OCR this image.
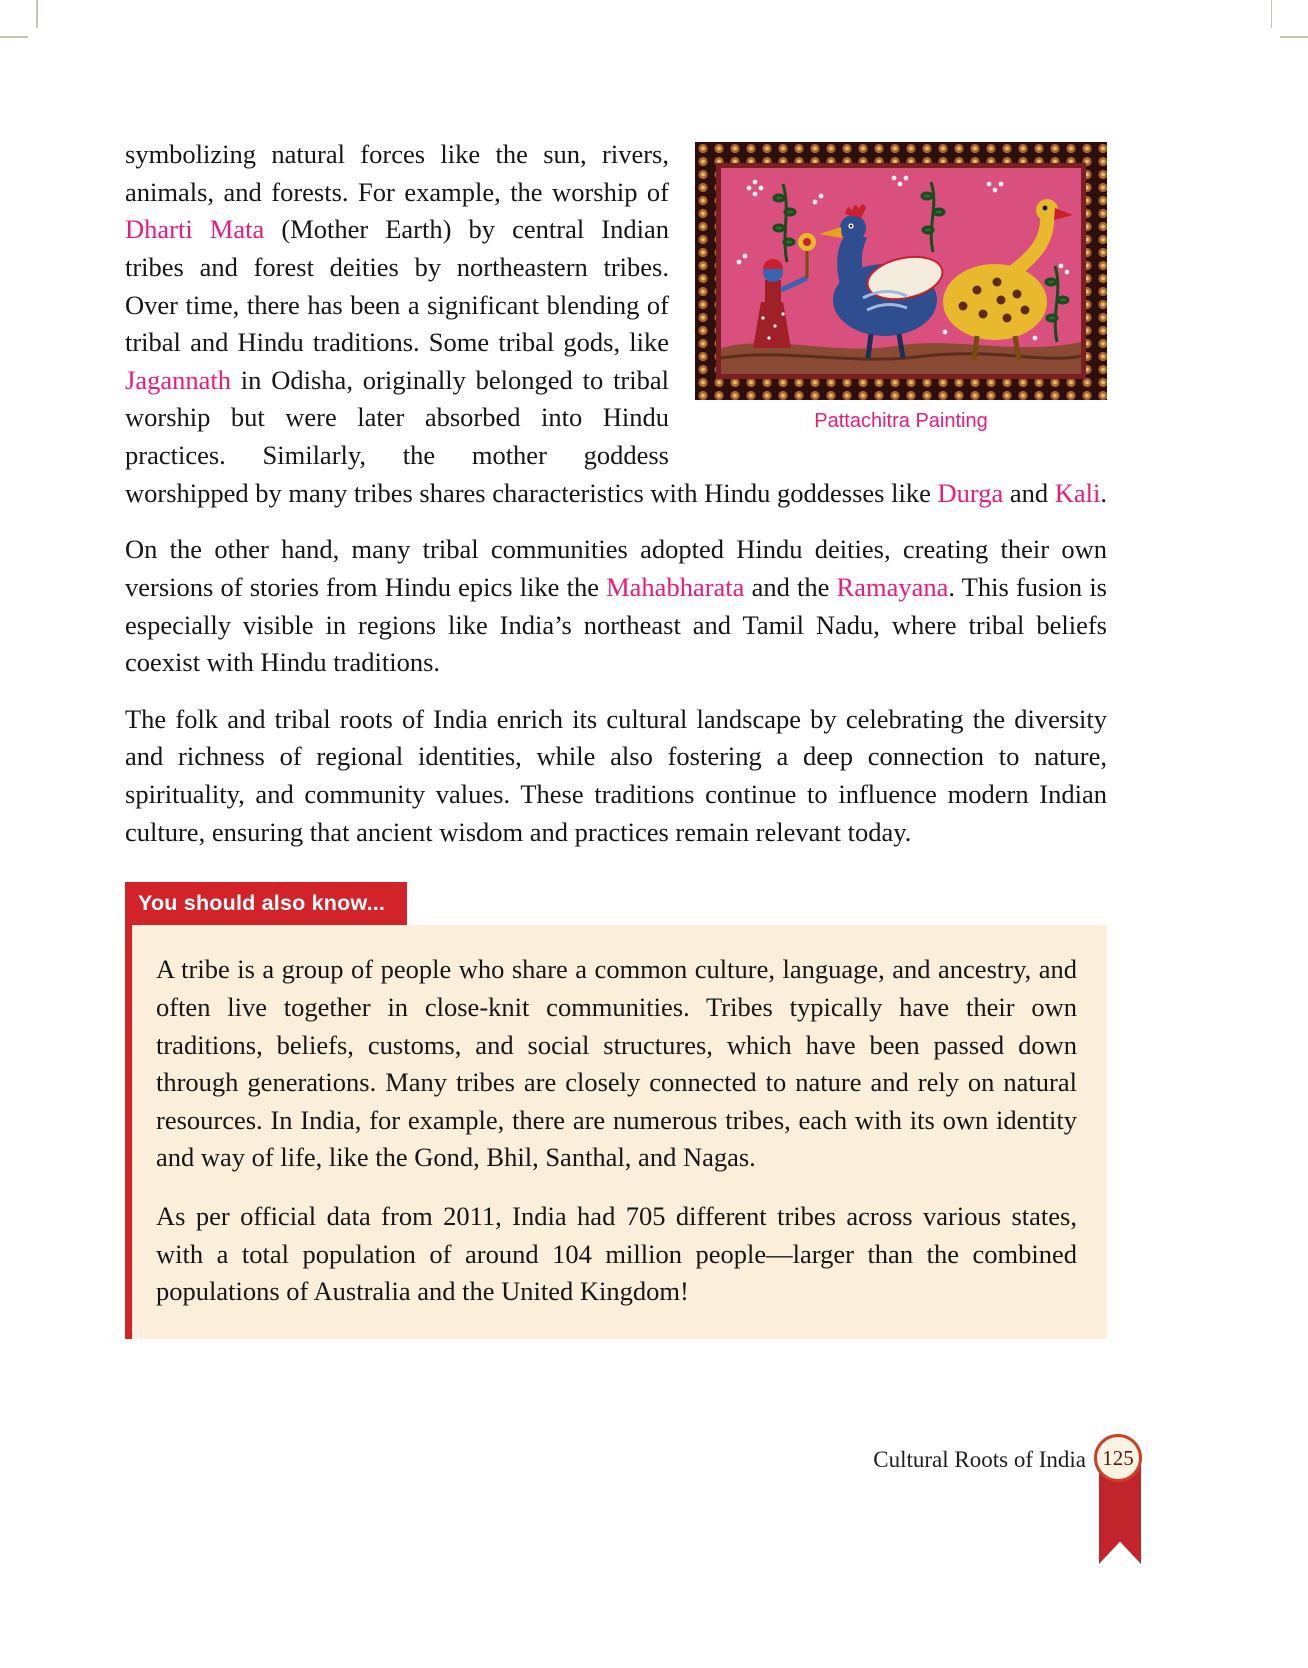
Pattachitra Painting

symbolizing natural forces like the sun, rivers, animals, and forests. For example, the worship of Dharti Mata (Mother Earth) by central Indian tribes and forest deities by northeastern tribes. Over time, there has been a significant blending of tribal and Hindu traditions. Some tribal gods, like Jagannath in Odisha, originally belonged to tribal worship but were later absorbed into Hindu practices. Similarly, the mother goddess worshipped by many tribes shares characteristics with Hindu goddesses like Durga and Kali.

On the other hand, many tribal communities adopted Hindu deities, creating their own versions of stories from Hindu epics like the Mahabharata and the Ramayana. This fusion is especially visible in regions like India’s northeast and Tamil Nadu, where tribal beliefs coexist with Hindu traditions.

The folk and tribal roots of India enrich its cultural landscape by celebrating the diversity and richness of regional identities, while also fostering a deep connection to nature, spirituality, and community values. These traditions continue to influence modern Indian culture, ensuring that ancient wisdom and practices remain relevant today.

You should also know...

A tribe is a group of people who share a common culture, language, and ancestry, and often live together in close-knit communities. Tribes typically have their own traditions, beliefs, customs, and social structures, which have been passed down through generations. Many tribes are closely connected to nature and rely on natural resources. In India, for example, there are numerous tribes, each with its own identity and way of life, like the Gond, Bhil, Santhal, and Nagas.

As per official data from 2011, India had 705 different tribes across various states, with a total population of around 104 million people—larger than the combined populations of Australia and the United Kingdom!

Cultural Roots of India 125
